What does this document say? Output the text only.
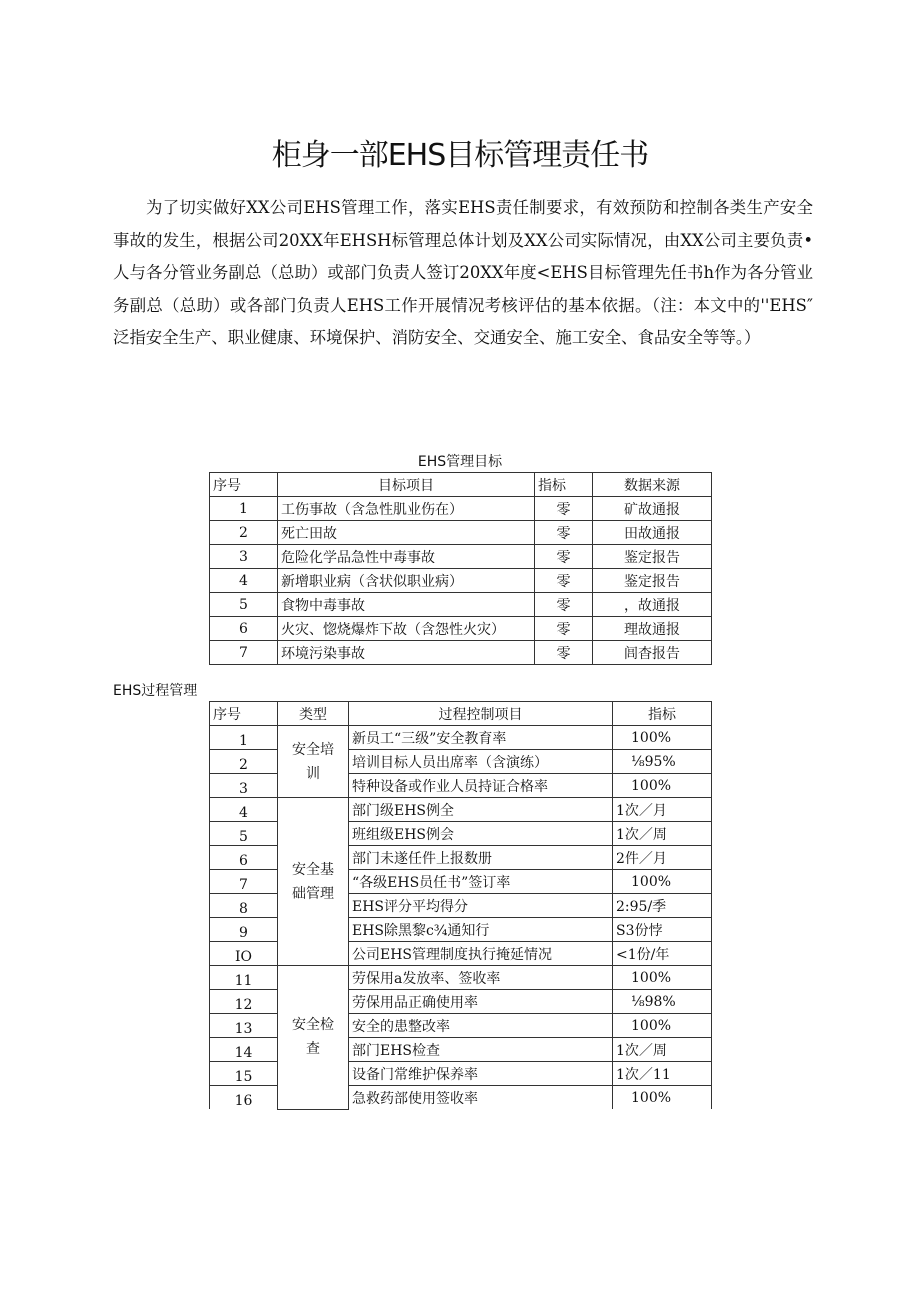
柜身一部EHS目标管理责任书

为了切实做好XX公司EHS管理工作，落实EHS责任制要求，有效预防和控制各类生产安全事故的发生，根据公司20XX年EHSH标管理总体计划及XX公司实际情况，由XX公司主要负责•人与各分管业务副总（总助）或部门负责人签订20XX年度<EHS目标管理先任书h作为各分管业务副总（总助）或各部门负责人EHS工作开展情况考核评估的基本依据。（注：本文中的''EHS″泛指安全生产、职业健康、环境保护、消防安全、交通安全、施工安全、食品安全等等。）

EHS管理目标
序号	目标项目	指标	数据来源
1	工伤事故（含急性肌业伤在）	零	矿故通报
2	死亡田故	零	田故通报
3	危险化学品急性中毒事故	零	鉴定报告
4	新增职业病（含状似职业病）	零	鉴定报告
5	食物中毒事故	零	，故通报
6	火灾、惚烧爆炸下故（含怨性火灾）	零	理故通报
7	环境污染事故	零	闾杳报告
EHS过程管理
序号	类型	过程控制项目	指标
1	安全培训	新员工“三级”安全教育率	100%
2		培训目标人员出席率（含演练）	⅛95%
3		特种设备或作业人员持证合格率	100%
4	安全基础管理	部门级EHS例全	1次／月
5		班组级EHS例会	1次／周
6		部门未遂任件上报数册	2件／月
7		“各级EHS员任书”签订率	100%
8		EHS评分平均得分	2:95/季
9		EHS除黑黎c¾通知行	S3份悖
IO		公司EHS管理制度执行掩延情况	<1份/年
11	安全检查	劳保用a发放率、签收率	100%
12		劳保用品正确使用率	⅛98%
13		安全的患整改率	100%
14		部门EHS检查	1次／周
15		设备门常维护保养率	1次／11
16		急救药部使用签收率	100%
